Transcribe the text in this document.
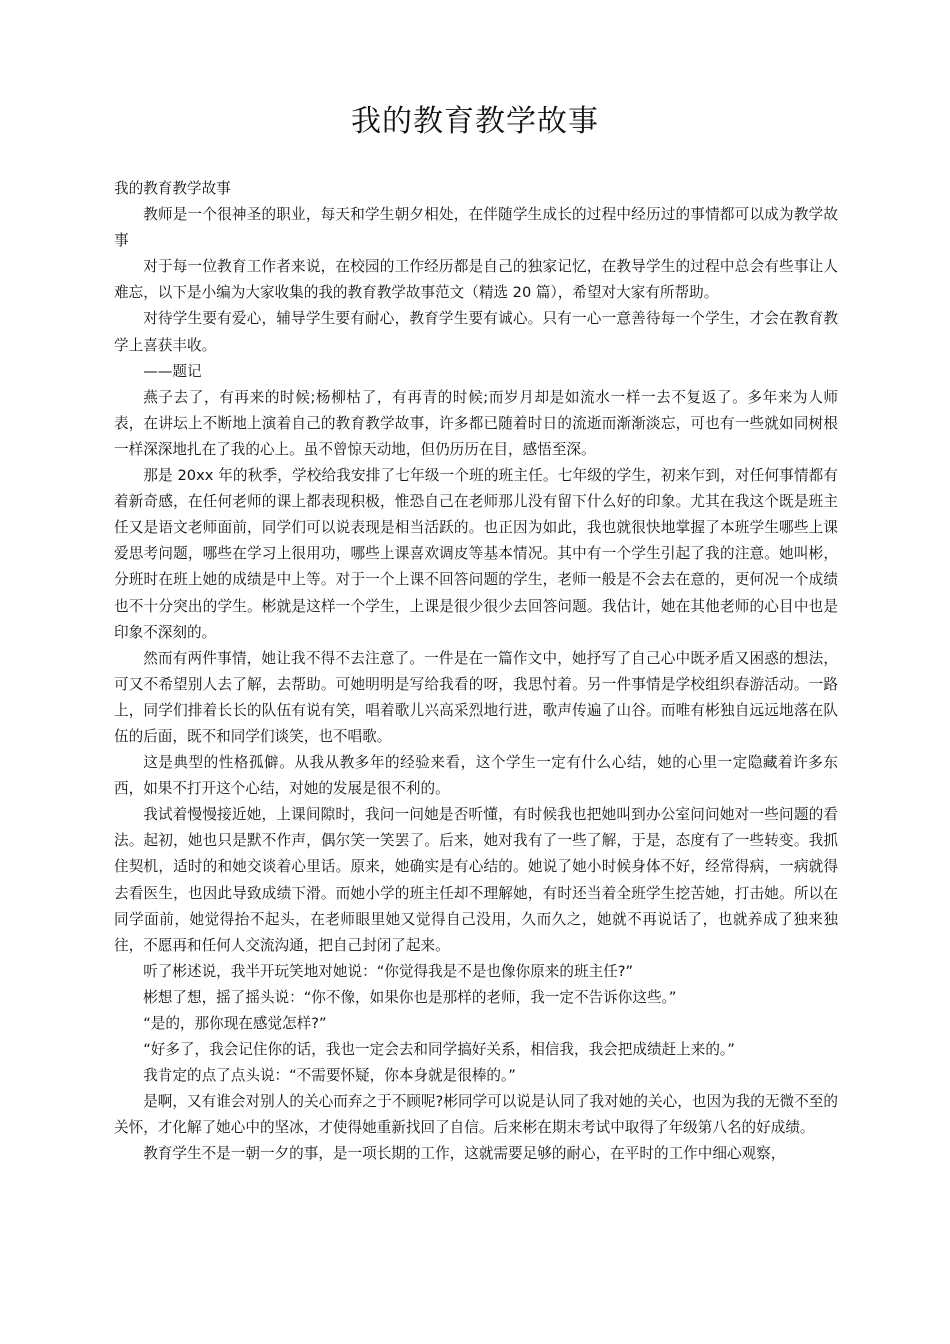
我的教育教学故事

我的教育教学故事

教师是一个很神圣的职业，每天和学生朝夕相处，在伴随学生成长的过程中经历过的事情都可以成为教学故事

对于每一位教育工作者来说，在校园的工作经历都是自己的独家记忆，在教导学生的过程中总会有些事让人难忘，以下是小编为大家收集的我的教育教学故事范文（精选 20 篇），希望对大家有所帮助。

对待学生要有爱心，辅导学生要有耐心，教育学生要有诚心。只有一心一意善待每一个学生，才会在教育教学上喜获丰收。

——题记

燕子去了，有再来的时候;杨柳枯了，有再青的时候;而岁月却是如流水一样一去不复返了。多年来为人师表，在讲坛上不断地上演着自己的教育教学故事，许多都已随着时日的流逝而渐渐淡忘，可也有一些就如同树根一样深深地扎在了我的心上。虽不曾惊天动地，但仍历历在目，感悟至深。

那是 20xx 年的秋季，学校给我安排了七年级一个班的班主任。七年级的学生，初来乍到，对任何事情都有着新奇感，在任何老师的课上都表现积极，惟恐自己在老师那儿没有留下什么好的印象。尤其在我这个既是班主任又是语文老师面前，同学们可以说表现是相当活跃的。也正因为如此，我也就很快地掌握了本班学生哪些上课爱思考问题，哪些在学习上很用功，哪些上课喜欢调皮等基本情况。其中有一个学生引起了我的注意。她叫彬，分班时在班上她的成绩是中上等。对于一个上课不回答问题的学生，老师一般是不会去在意的，更何况一个成绩也不十分突出的学生。彬就是这样一个学生，上课是很少很少去回答问题。我估计，她在其他老师的心目中也是印象不深刻的。

然而有两件事情，她让我不得不去注意了。一件是在一篇作文中，她抒写了自己心中既矛盾又困惑的想法，可又不希望别人去了解，去帮助。可她明明是写给我看的呀，我思忖着。另一件事情是学校组织春游活动。一路上，同学们排着长长的队伍有说有笑，唱着歌儿兴高采烈地行进，歌声传遍了山谷。而唯有彬独自远远地落在队伍的后面，既不和同学们谈笑，也不唱歌。

这是典型的性格孤僻。从我从教多年的经验来看，这个学生一定有什么心结，她的心里一定隐藏着许多东西，如果不打开这个心结，对她的发展是很不利的。

我试着慢慢接近她，上课间隙时，我问一问她是否听懂，有时候我也把她叫到办公室问问她对一些问题的看法。起初，她也只是默不作声，偶尔笑一笑罢了。后来，她对我有了一些了解，于是，态度有了一些转变。我抓住契机，适时的和她交谈着心里话。原来，她确实是有心结的。她说了她小时候身体不好，经常得病，一病就得去看医生，也因此导致成绩下滑。而她小学的班主任却不理解她，有时还当着全班学生挖苦她，打击她。所以在同学面前，她觉得抬不起头，在老师眼里她又觉得自己没用，久而久之，她就不再说话了，也就养成了独来独往，不愿再和任何人交流沟通，把自己封闭了起来。

听了彬述说，我半开玩笑地对她说：“你觉得我是不是也像你原来的班主任?”

彬想了想，摇了摇头说：“你不像，如果你也是那样的老师，我一定不告诉你这些。”

“是的，那你现在感觉怎样?”

“好多了，我会记住你的话，我也一定会去和同学搞好关系，相信我，我会把成绩赶上来的。”

我肯定的点了点头说：“不需要怀疑，你本身就是很棒的。”

是啊，又有谁会对别人的关心而弃之于不顾呢?彬同学可以说是认同了我对她的关心，也因为我的无微不至的关怀，才化解了她心中的坚冰，才使得她重新找回了自信。后来彬在期末考试中取得了年级第八名的好成绩。

教育学生不是一朝一夕的事，是一项长期的工作，这就需要足够的耐心，在平时的工作中细心观察，
